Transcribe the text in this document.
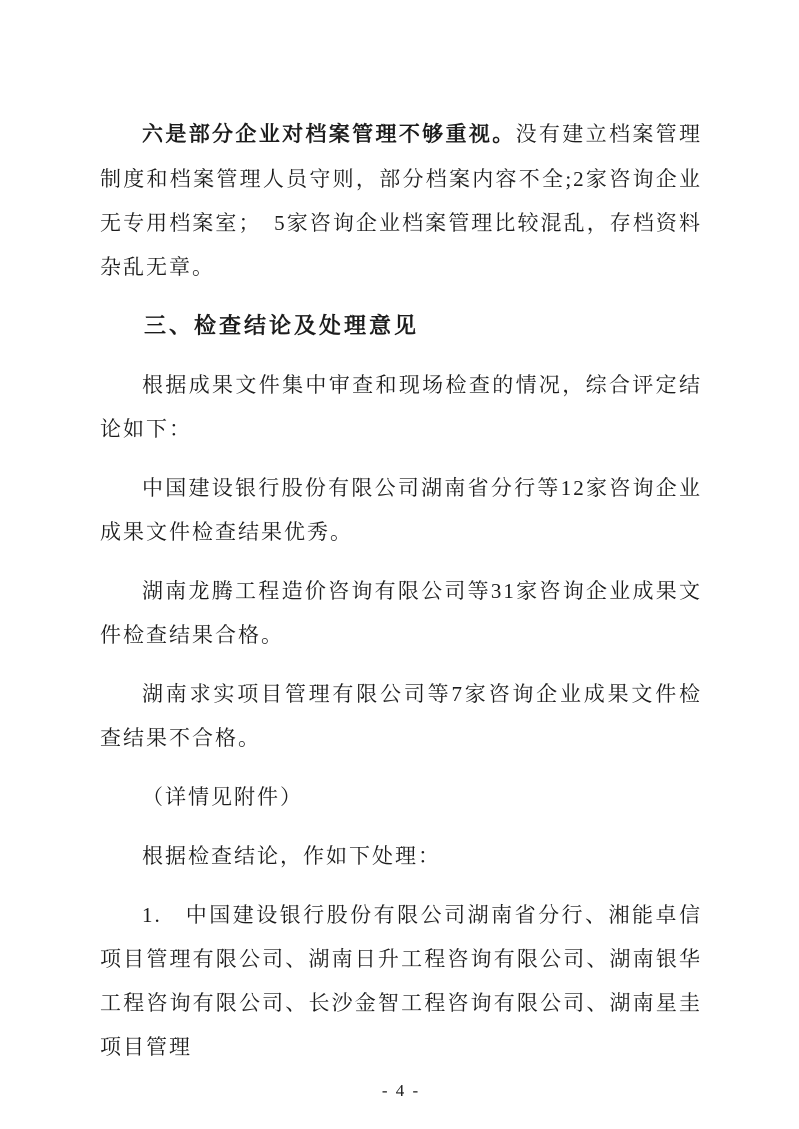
六是部分企业对档案管理不够重视。没有建立档案管理制度和档案管理人员守则，部分档案内容不全;2家咨询企业无专用档案室；　5家咨询企业档案管理比较混乱，存档资料杂乱无章。

三、检查结论及处理意见

根据成果文件集中审查和现场检查的情况，综合评定结论如下：

中国建设银行股份有限公司湖南省分行等12家咨询企业成果文件检查结果优秀。

湖南龙腾工程造价咨询有限公司等31家咨询企业成果文件检查结果合格。

湖南求实项目管理有限公司等7家咨询企业成果文件检查结果不合格。

（详情见附件）

根据检查结论，作如下处理：

1.　中国建设银行股份有限公司湖南省分行、湘能卓信项目管理有限公司、湖南日升工程咨询有限公司、湖南银华工程咨询有限公司、长沙金智工程咨询有限公司、湖南星圭项目管理

- 4 -
